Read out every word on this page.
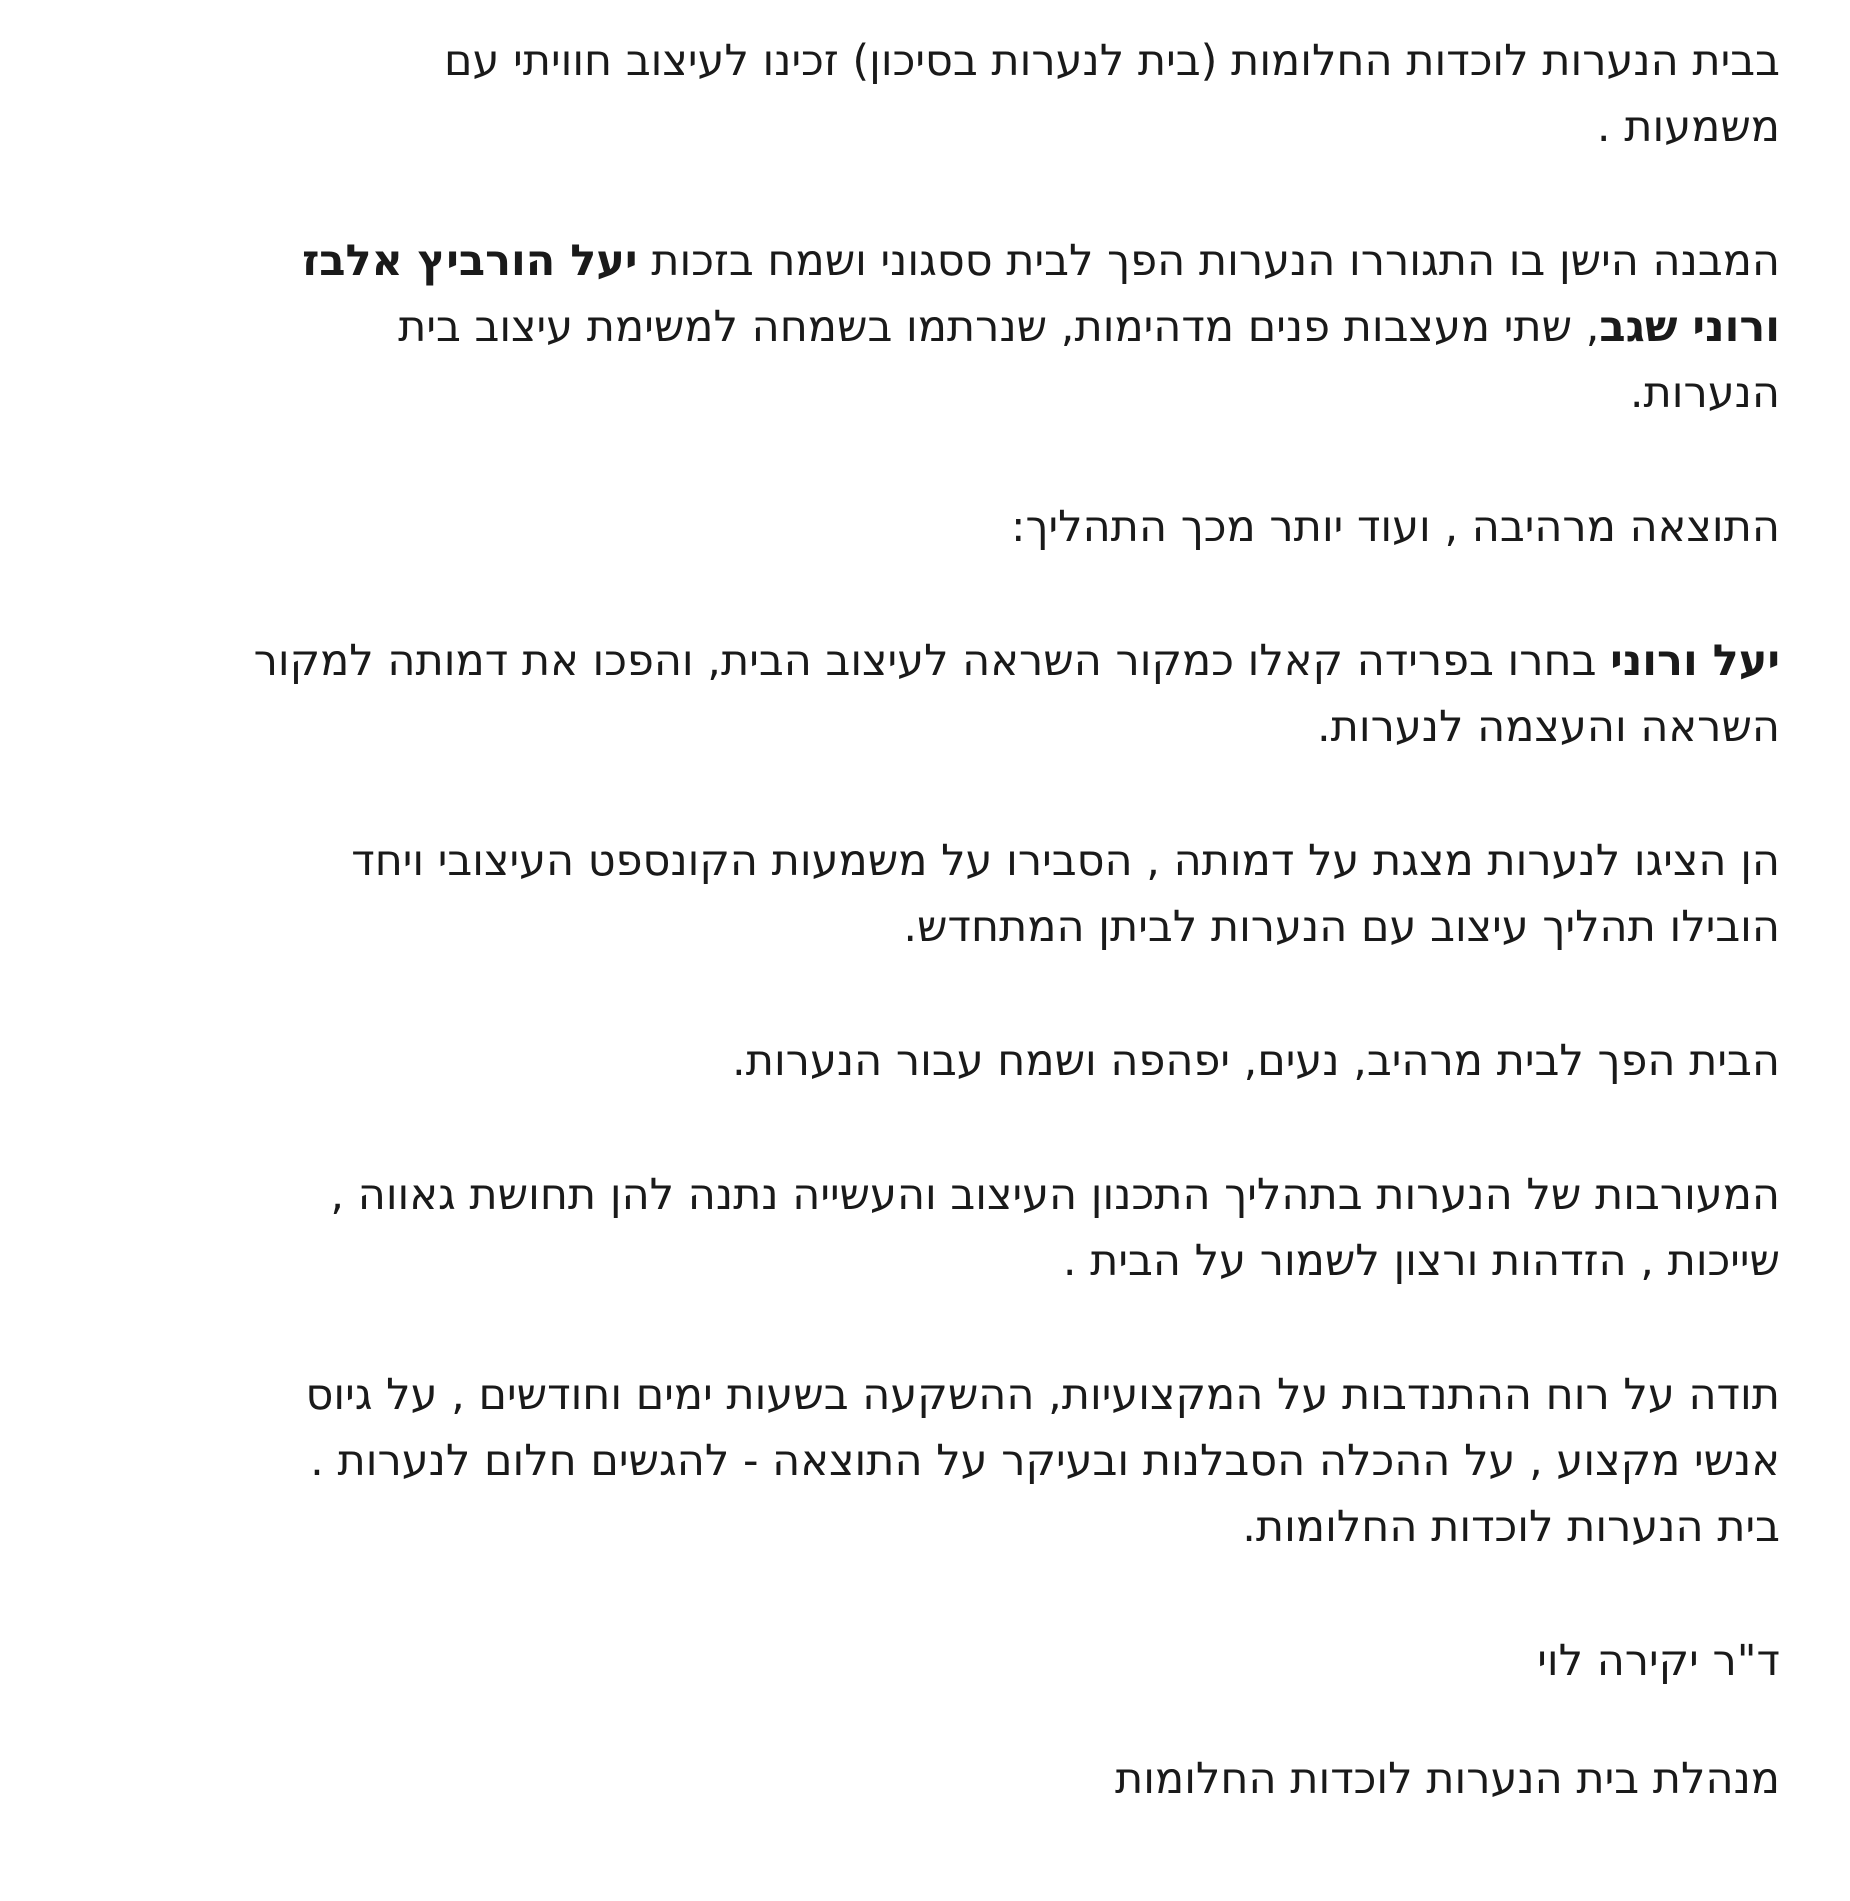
בבית הנערות לוכדות החלומות (בית לנערות בסיכון) זכינו לעיצוב חוויתי עם
משמעות .

המבנה הישן בו התגוררו הנערות הפך לבית ססגוני ושמח בזכות יעל הורביץ אלבז
ורוני שגב, שתי מעצבות פנים מדהימות, שנרתמו בשמחה למשימת עיצוב בית
הנערות.

התוצאה מרהיבה , ועוד יותר מכך התהליך:

יעל ורוני בחרו בפרידה קאלו כמקור השראה לעיצוב הבית, והפכו את דמותה למקור
השראה והעצמה לנערות.

הן הציגו לנערות מצגת על דמותה , הסבירו על משמעות הקונספט העיצובי ויחד
הובילו תהליך עיצוב עם הנערות לביתן המתחדש.

הבית הפך לבית מרהיב, נעים, יפהפה ושמח עבור הנערות.

המעורבות של הנערות בתהליך התכנון העיצוב והעשייה נתנה להן תחושת גאווה ,
שייכות , הזדהות ורצון לשמור על הבית .

תודה על רוח ההתנדבות על המקצועיות, ההשקעה בשעות ימים וחודשים , על גיוס
אנשי מקצוע , על ההכלה הסבלנות ובעיקר על התוצאה - להגשים חלום לנערות .
בית הנערות לוכדות החלומות.

ד"ר יקירה לוי

מנהלת בית הנערות לוכדות החלומות
